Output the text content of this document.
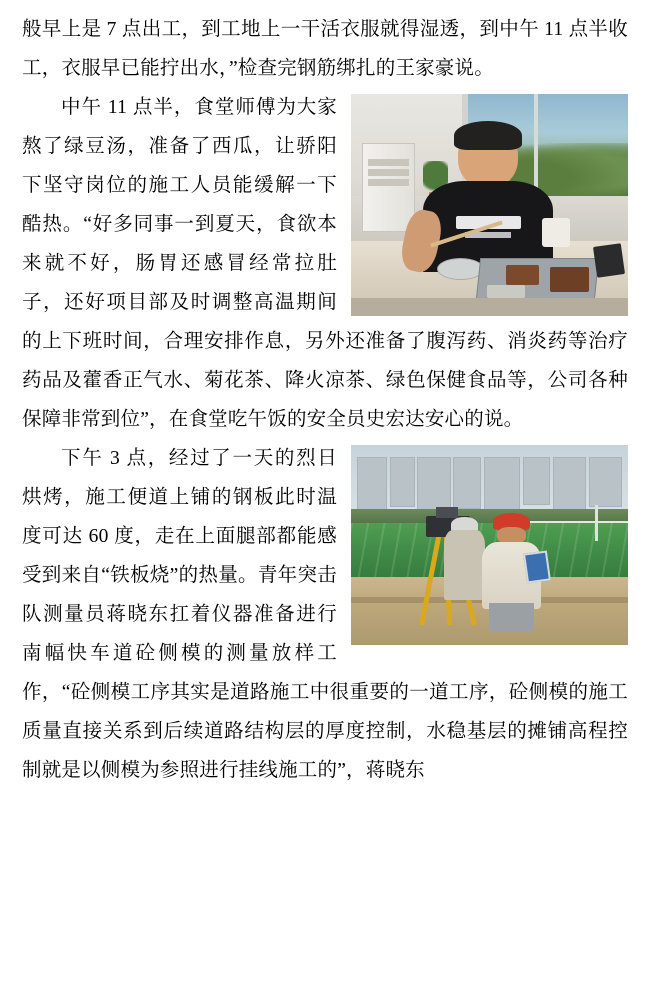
般早上是 7 点出工，到工地上一干活衣服就得湿透，到中午 11 点半收工，衣服早已能拧出水，”检查完钢筋绑扎的王家豪说。

中午 11 点半，食堂师傅为大家熬了绿豆汤，准备了西瓜，让骄阳下坚守岗位的施工人员能缓解一下酷热。“好多同事一到夏天，食欲本来就不好，肠胃还感冒经常拉肚子，还好项目部及时调整高温期间的上下班时间，合理安排作息，另外还准备了腹泻药、消炎药等治疗药品及藿香正气水、菊花茶、降火凉茶、绿色保健食品等，公司各种保障非常到位”，在食堂吃午饭的安全员史宏达安心的说。

下午 3 点，经过了一天的烈日烘烤，施工便道上铺的钢板此时温度可达 60 度，走在上面腿部都能感受到来自“铁板烧”的热量。青年突击队测量员蒋晓东扛着仪器准备进行南幅快车道砼侧模的测量放样工作，“砼侧模工序其实是道路施工中很重要的一道工序，砼侧模的施工质量直接关系到后续道路结构层的厚度控制，水稳基层的摊铺高程控制就是以侧模为参照进行挂线施工的”，蒋晓东
